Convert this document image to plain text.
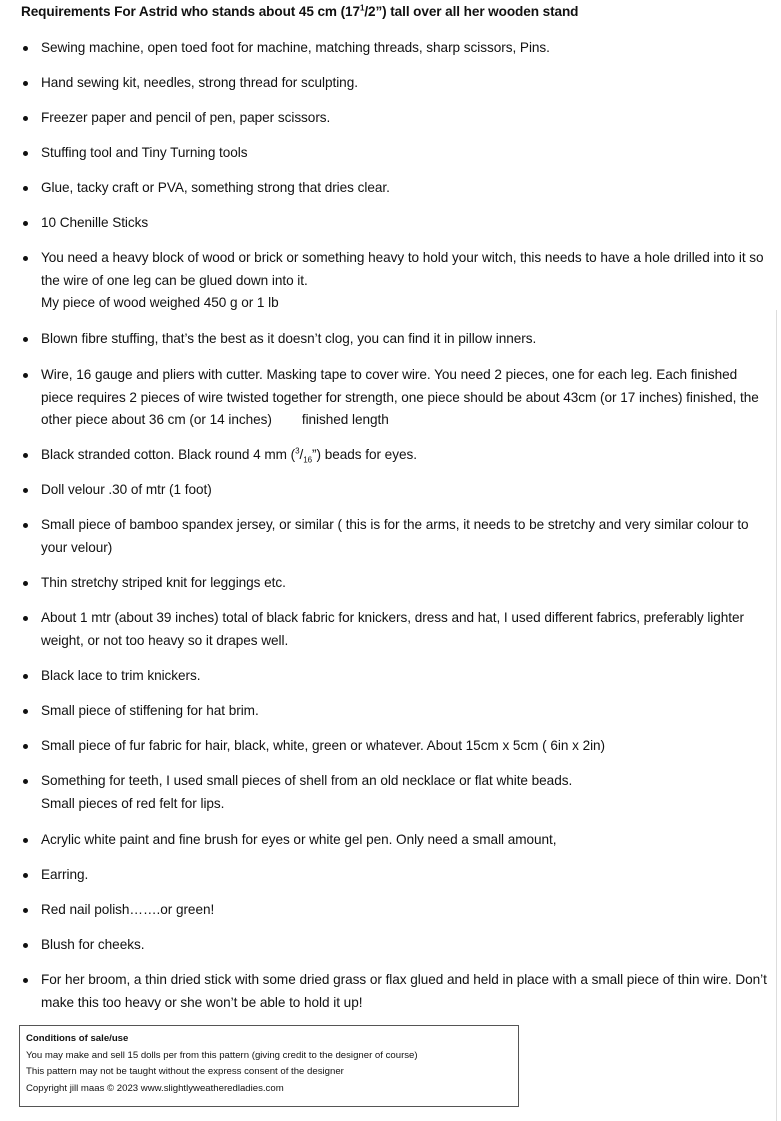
Requirements For Astrid who stands about 45 cm $(17^1/2”)$ tall over all her wooden stand

Sewing machine, open toed foot for machine, matching threads, sharp scissors, Pins.

Hand sewing kit, needles, strong thread for sculpting.

Freezer paper and pencil of pen, paper scissors.

Stuffing tool and Tiny Turning tools

Glue, tacky craft or PVA, something strong that dries clear.

10 Chenille Sticks

You need a heavy block of wood or brick or something heavy to hold your witch, this needs to have a hole drilled into it so the wire of one leg can be glued down into it.

My piece of wood weighed 450 g or 1 lb

Blown fibre stuffing, that’s the best as it doesn’t clog, you can find it in pillow inners.

Wire, 16 gauge and pliers with cutter. Masking tape to cover wire. You need 2 pieces, one for each leg. Each finished piece requires 2 pieces of wire twisted together for strength, one piece should be about 43cm (or 17 inches) finished, the other piece about 36 cm (or 14 inches) finished length

Black stranded cotton. Black round 4 mm $(^3/_{16}”)$ beads for eyes.

Doll velour .30 of mtr (1 foot)

Small piece of bamboo spandex jersey, or similar ( this is for the arms, it needs to be stretchy and very similar colour to your velour)

Thin stretchy striped knit for leggings etc.

About 1 mtr (about 39 inches) total of black fabric for knickers, dress and hat, I used different fabrics, preferably lighter weight, or not too heavy so it drapes well.

Black lace to trim knickers.

Small piece of stiffening for hat brim.

Small piece of fur fabric for hair, black, white, green or whatever. About 15cm x 5cm ( 6in x 2in)

Something for teeth, I used small pieces of shell from an old necklace or flat white beads.

Small pieces of red felt for lips.

Acrylic white paint and fine brush for eyes or white gel pen. Only need a small amount,

Earring.

Red nail polish…….or green!

Blush for cheeks.

For her broom, a thin dried stick with some dried grass or flax glued and held in place with a small piece of thin wire. Don’t make this too heavy or she won’t be able to hold it up!

Conditions of sale/use
You may make and sell 15 dolls per from this pattern (giving credit to the designer of course)
This pattern may not be taught without the express consent of the designer
Copyright jill maas © 2023 www.slightlyweatheredladies.com
